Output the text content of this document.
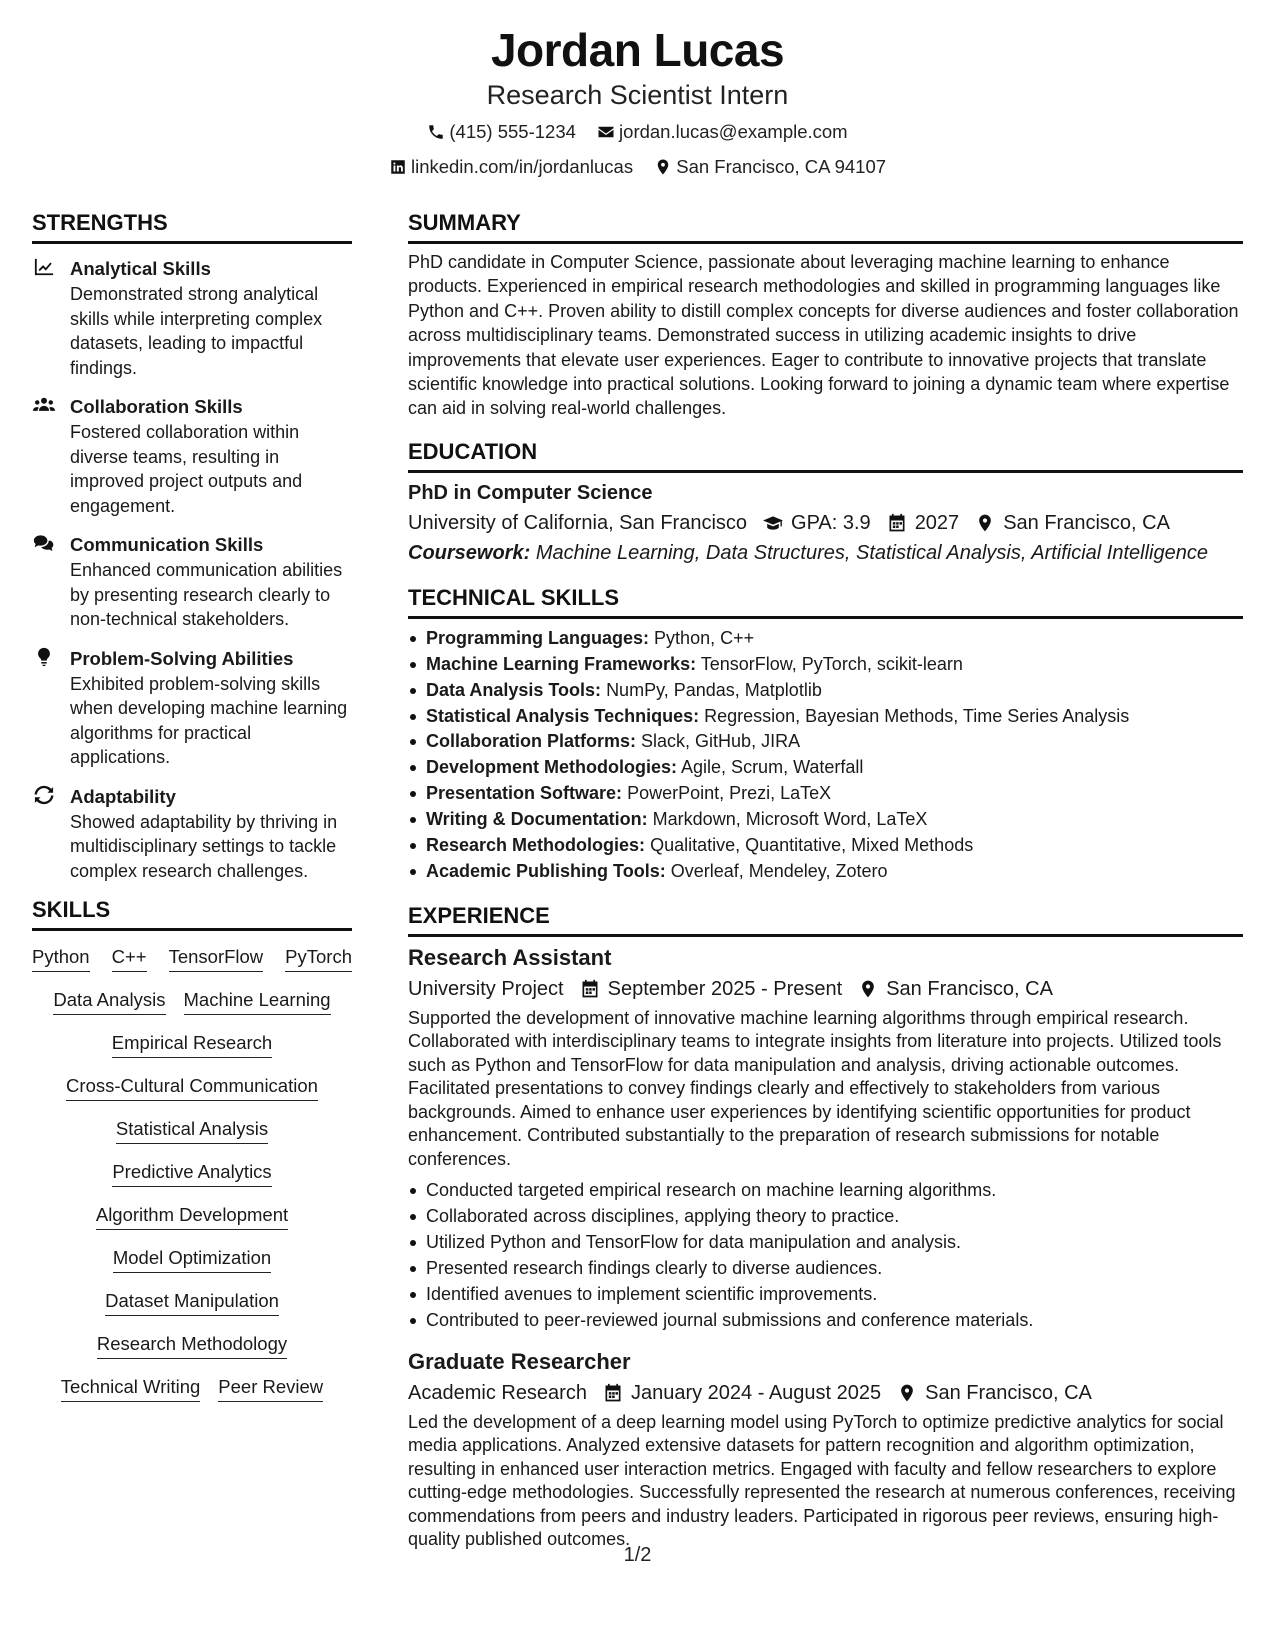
Jordan Lucas
Research Scientist Intern
(415) 555-1234
jordan.lucas@example.com
linkedin.com/in/jordanlucas
San Francisco, CA 94107
STRENGTHS
Analytical Skills
Demonstrated strong analytical skills while interpreting complex datasets, leading to impactful findings.
Collaboration Skills
Fostered collaboration within diverse teams, resulting in improved project outputs and engagement.
Communication Skills
Enhanced communication abilities by presenting research clearly to non-technical stakeholders.
Problem-Solving Abilities
Exhibited problem-solving skills when developing machine learning algorithms for practical applications.
Adaptability
Showed adaptability by thriving in multidisciplinary settings to tackle complex research challenges.
SKILLS
Python C++ TensorFlow PyTorch
Data Analysis Machine Learning
Empirical Research
Cross-Cultural Communication
Statistical Analysis
Predictive Analytics
Algorithm Development
Model Optimization
Dataset Manipulation
Research Methodology
Technical Writing Peer Review
SUMMARY
PhD candidate in Computer Science, passionate about leveraging machine learning to enhance products. Experienced in empirical research methodologies and skilled in programming languages like Python and C++. Proven ability to distill complex concepts for diverse audiences and foster collaboration across multidisciplinary teams. Demonstrated success in utilizing academic insights to drive improvements that elevate user experiences. Eager to contribute to innovative projects that translate scientific knowledge into practical solutions. Looking forward to joining a dynamic team where expertise can aid in solving real-world challenges.
EDUCATION
PhD in Computer Science
University of California, San Francisco GPA: 3.9 2027 San Francisco, CA
Coursework: Machine Learning, Data Structures, Statistical Analysis, Artificial Intelligence
TECHNICAL SKILLS
Programming Languages: Python, C++
Machine Learning Frameworks: TensorFlow, PyTorch, scikit-learn
Data Analysis Tools: NumPy, Pandas, Matplotlib
Statistical Analysis Techniques: Regression, Bayesian Methods, Time Series Analysis
Collaboration Platforms: Slack, GitHub, JIRA
Development Methodologies: Agile, Scrum, Waterfall
Presentation Software: PowerPoint, Prezi, LaTeX
Writing & Documentation: Markdown, Microsoft Word, LaTeX
Research Methodologies: Qualitative, Quantitative, Mixed Methods
Academic Publishing Tools: Overleaf, Mendeley, Zotero
EXPERIENCE
Research Assistant
University Project September 2025 - Present San Francisco, CA
Supported the development of innovative machine learning algorithms through empirical research. Collaborated with interdisciplinary teams to integrate insights from literature into projects. Utilized tools such as Python and TensorFlow for data manipulation and analysis, driving actionable outcomes. Facilitated presentations to convey findings clearly and effectively to stakeholders from various backgrounds. Aimed to enhance user experiences by identifying scientific opportunities for product enhancement. Contributed substantially to the preparation of research submissions for notable conferences.
Conducted targeted empirical research on machine learning algorithms.
Collaborated across disciplines, applying theory to practice.
Utilized Python and TensorFlow for data manipulation and analysis.
Presented research findings clearly to diverse audiences.
Identified avenues to implement scientific improvements.
Contributed to peer-reviewed journal submissions and conference materials.
Graduate Researcher
Academic Research January 2024 - August 2025 San Francisco, CA
Led the development of a deep learning model using PyTorch to optimize predictive analytics for social media applications. Analyzed extensive datasets for pattern recognition and algorithm optimization, resulting in enhanced user interaction metrics. Engaged with faculty and fellow researchers to explore cutting-edge methodologies. Successfully represented the research at numerous conferences, receiving commendations from peers and industry leaders. Participated in rigorous peer reviews, ensuring high-quality published outcomes.
1/2
